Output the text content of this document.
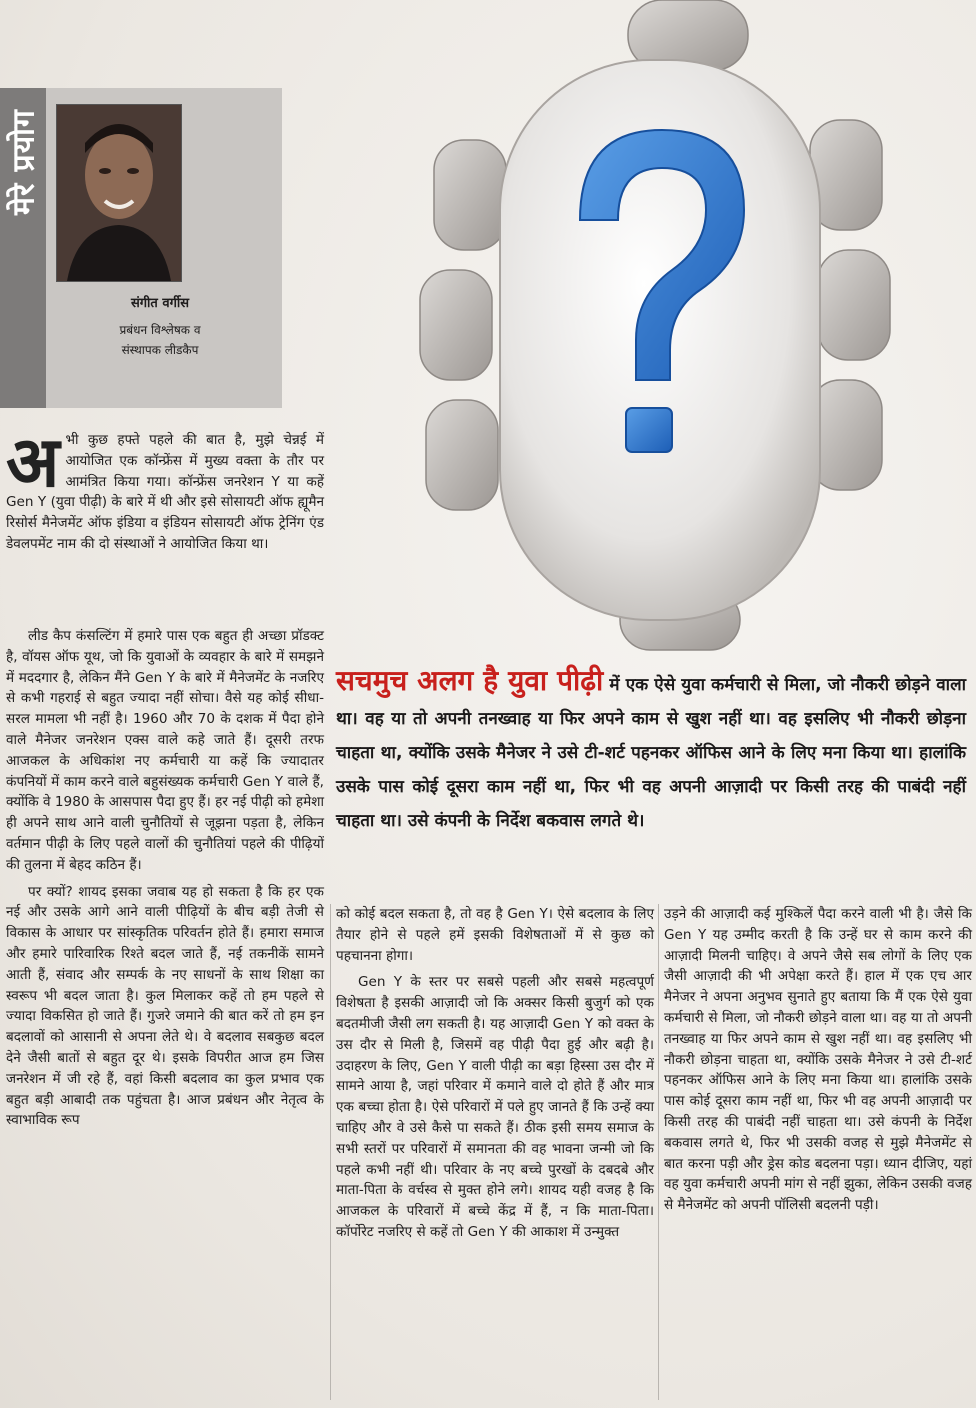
मेरे प्रयोग
संगीत वर्गीस
प्रबंधन विश्लेषक व
संस्थापक लीडकैप
सचमुच अलग है युवा पीढ़ी में एक ऐसे युवा कर्मचारी से मिला, जो नौकरी छोड़ने वाला था। वह या तो अपनी तनख्वाह या फिर अपने काम से खुश नहीं था। वह इसलिए भी नौकरी छोड़ना चाहता था, क्योंकि उसके मैनेजर ने उसे टी-शर्ट पहनकर ऑफिस आने के लिए मना किया था। हालांकि उसके पास कोई दूसरा काम नहीं था, फिर भी वह अपनी आज़ादी पर किसी तरह की पाबंदी नहीं चाहता था। उसे कंपनी के निर्देश बकवास लगते थे।

अ भी कुछ हफ्ते पहले की बात है, मुझे चेन्नई में आयोजित एक कॉन्फ्रेंस में मुख्य वक्ता के तौर पर आमंत्रित किया गया। कॉन्फ्रेंस जनरेशन Y या कहें Gen Y (युवा पीढ़ी) के बारे में थी और इसे सोसायटी ऑफ ह्यूमैन रिसोर्स मैनेजमेंट ऑफ इंडिया व इंडियन सोसायटी ऑफ ट्रेनिंग एंड डेवलपमेंट नाम की दो संस्थाओं ने आयोजित किया था।

लीड कैप कंसल्टिंग में हमारे पास एक बहुत ही अच्छा प्रॉडक्ट है, वॉयस ऑफ यूथ, जो कि युवाओं के व्यवहार के बारे में समझने में मददगार है, लेकिन मैंने Gen Y के बारे में मैनेजमेंट के नजरिए से कभी गहराई से बहुत ज्यादा नहीं सोचा। वैसे यह कोई सीधा-सरल मामला भी नहीं है। 1960 और 70 के दशक में पैदा होने वाले मैनेजर जनरेशन एक्स वाले कहे जाते हैं। दूसरी तरफ आजकल के अधिकांश नए कर्मचारी या कहें कि ज्यादातर कंपनियों में काम करने वाले बहुसंख्यक कर्मचारी Gen Y वाले हैं, क्योंकि वे 1980 के आसपास पैदा हुए हैं। हर नई पीढ़ी को हमेशा ही अपने साथ आने वाली चुनौतियों से जूझना पड़ता है, लेकिन वर्तमान पीढ़ी के लिए पहले वालों की चुनौतियां पहले की पीढ़ियों की तुलना में बेहद कठिन हैं।

पर क्यों? शायद इसका जवाब यह हो सकता है कि हर एक नई और उसके आगे आने वाली पीढ़ियों के बीच बड़ी तेजी से विकास के आधार पर सांस्कृतिक परिवर्तन होते हैं। हमारा समाज और हमारे पारिवारिक रिश्ते बदल जाते हैं, नई तकनीकें सामने आती हैं, संवाद और सम्पर्क के नए साधनों के साथ शिक्षा का स्वरूप भी बदल जाता है। कुल मिलाकर कहें तो हम पहले से ज्यादा विकसित हो जाते हैं। गुजरे जमाने की बात करें तो हम इन बदलावों को आसानी से अपना लेते थे। वे बदलाव सबकुछ बदल देने जैसी बातों से बहुत दूर थे। इसके विपरीत आज हम जिस जनरेशन में जी रहे हैं, वहां किसी बदलाव का कुल प्रभाव एक बहुत बड़ी आबादी तक पहुंचता है। आज प्रबंधन और नेतृत्व के स्वाभाविक रूप

को कोई बदल सकता है, तो वह है Gen Y। ऐसे बदलाव के लिए तैयार होने से पहले हमें इसकी विशेषताओं में से कुछ को पहचानना होगा।

Gen Y के स्तर पर सबसे पहली और सबसे महत्वपूर्ण विशेषता है इसकी आज़ादी जो कि अक्सर किसी बुजुर्ग को एक बदतमीजी जैसी लग सकती है। यह आज़ादी Gen Y को वक्त के उस दौर से मिली है, जिसमें वह पीढ़ी पैदा हुई और बढ़ी है। उदाहरण के लिए, Gen Y वाली पीढ़ी का बड़ा हिस्सा उस दौर में सामने आया है, जहां परिवार में कमाने वाले दो होते हैं और मात्र एक बच्चा होता है। ऐसे परिवारों में पले हुए जानते हैं कि उन्हें क्या चाहिए और वे उसे कैसे पा सकते हैं। ठीक इसी समय समाज के सभी स्तरों पर परिवारों में समानता की वह भावना जन्मी जो कि पहले कभी नहीं थी। परिवार के नए बच्चे पुरखों के दबदबे और माता-पिता के वर्चस्व से मुक्त होने लगे। शायद यही वजह है कि आजकल के परिवारों में बच्चे केंद्र में हैं, न कि माता-पिता। कॉर्पोरेट नजरिए से कहें तो Gen Y की आकाश में उन्मुक्त

उड़ने की आज़ादी कई मुश्किलें पैदा करने वाली भी है। जैसे कि Gen Y यह उम्मीद करती है कि उन्हें घर से काम करने की आज़ादी मिलनी चाहिए। वे अपने जैसे सब लोगों के लिए एक जैसी आज़ादी की भी अपेक्षा करते हैं। हाल में एक एच आर मैनेजर ने अपना अनुभव सुनाते हुए बताया कि मैं एक ऐसे युवा कर्मचारी से मिला, जो नौकरी छोड़ने वाला था। वह या तो अपनी तनख्वाह या फिर अपने काम से खुश नहीं था। वह इसलिए भी नौकरी छोड़ना चाहता था, क्योंकि उसके मैनेजर ने उसे टी-शर्ट पहनकर ऑफिस आने के लिए मना किया था। हालांकि उसके पास कोई दूसरा काम नहीं था, फिर भी वह अपनी आज़ादी पर किसी तरह की पाबंदी नहीं चाहता था। उसे कंपनी के निर्देश बकवास लगते थे, फिर भी उसकी वजह से मुझे मैनेजमेंट से बात करना पड़ी और ड्रेस कोड बदलना पड़ा। ध्यान दीजिए, यहां वह युवा कर्मचारी अपनी मांग से नहीं झुका, लेकिन उसकी वजह से मैनेजमेंट को अपनी पॉलिसी बदलनी पड़ी।
